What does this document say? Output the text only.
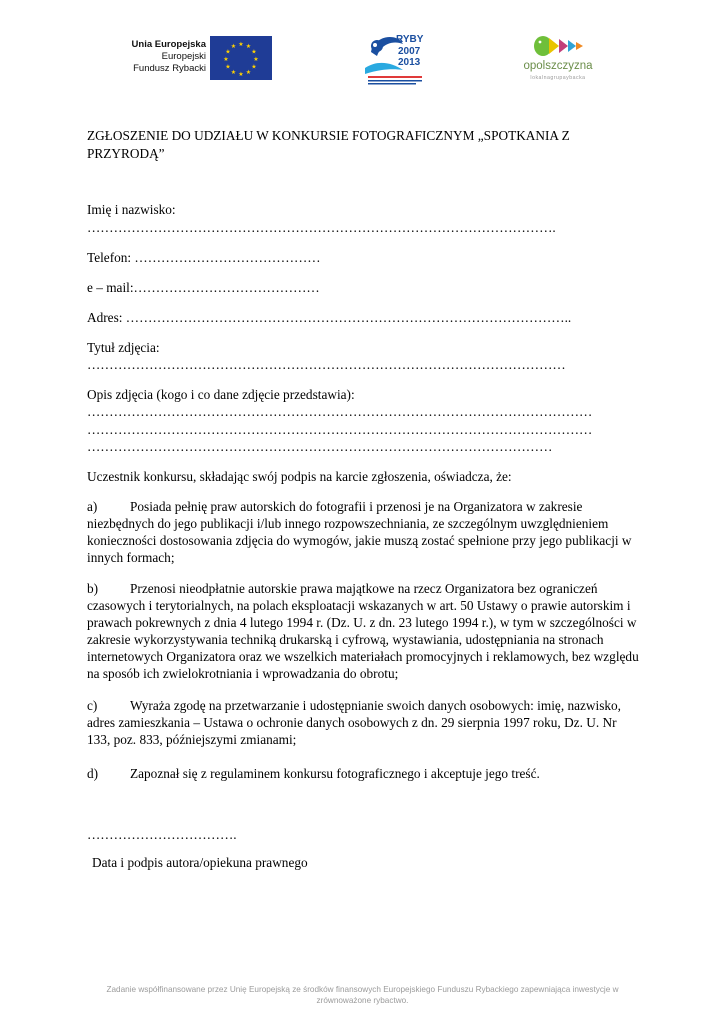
Unia Europejska
Europejski
Fundusz Rybacki
★ ★
★
★
★
★
★
★
★
★
★
★
PO RYBY
2007
2013	opolszczyzna
lokalnagrupaybacka
ZGŁOSZENIE DO UDZIAŁU W KONKURSIE FOTOGRAFICZNYM „SPOTKANIA Z PRZYRODĄ”
Imię i nazwisko:
…………………………………………………………………………………………….
Telefon: ……………………………………
e – mail:……………………………………
Adres: ………………………………………………………………………………………..
Tytuł zdjęcia:
………………………………………………………………………………………………
Opis zdjęcia (kogo i co dane zdjęcie przedstawia):
……………………………………………………………………………………………………
……………………………………………………………………………………………………
……………………………………………………………………………………………
Uczestnik konkursu, składając swój podpis na karcie zgłoszenia, oświadcza, że:
a)	Posiada pełnię praw autorskich do fotografii i przenosi je na Organizatora w zakresie niezbędnych do jego publikacji i/lub innego rozpowszechniania, ze szczególnym uwzględnieniem konieczności dostosowania zdjęcia do wymogów, jakie muszą zostać spełnione przy jego publikacji w innych formach;
b)	Przenosi nieodpłatnie autorskie prawa majątkowe na rzecz Organizatora bez ograniczeń czasowych i terytorialnych, na polach eksploatacji wskazanych w art. 50 Ustawy o prawie autorskim i prawach pokrewnych z dnia 4 lutego 1994 r. (Dz. U. z dn. 23 lutego 1994 r.), w tym w szczególności w zakresie wykorzystywania techniką drukarską i cyfrową, wystawiania, udostępniania na stronach internetowych Organizatora oraz we wszelkich materiałach promocyjnych i reklamowych, bez względu na sposób ich zwielokrotniania i wprowadzania do obrotu;
c)	Wyraża zgodę na przetwarzanie i udostępnianie swoich danych osobowych: imię, nazwisko, adres zamieszkania – Ustawa o ochronie danych osobowych z dn. 29 sierpnia 1997 roku, Dz. U. Nr 133, poz. 833, późniejszymi zmianami;
d)	Zapoznał się z regulaminem konkursu fotograficznego i akceptuje jego treść.
…………………………….
Data i podpis autora/opiekuna prawnego
Zadanie współfinansowane przez Unię Europejską ze środków finansowych Europejskiego Funduszu Rybackiego zapewniająca inwestycje w zrównoważone rybactwo.
